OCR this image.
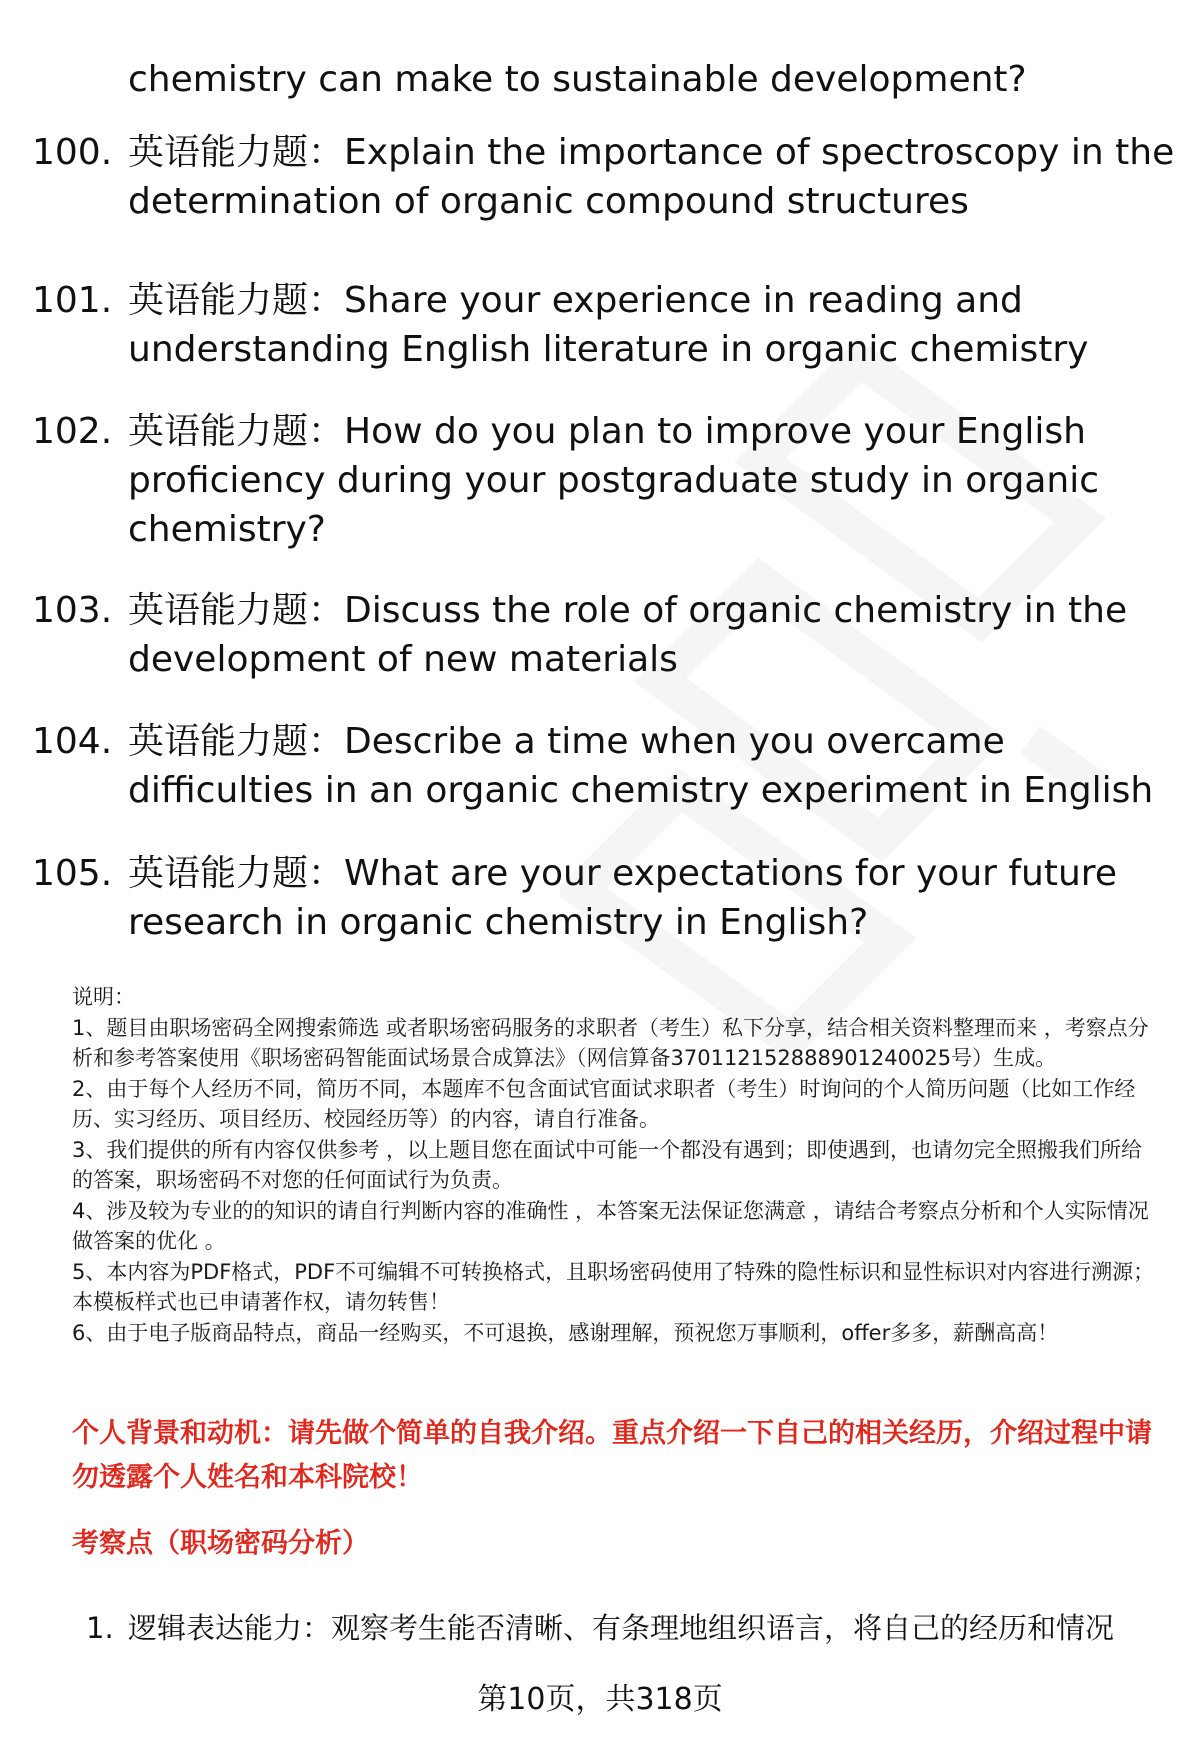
chemistry can make to sustainable development?
100. 英语能力题：Explain the importance of spectroscopy in the determination of organic compound structures
101. 英语能力题：Share your experience in reading and understanding English literature in organic chemistry
102. 英语能力题：How do you plan to improve your English proficiency during your postgraduate study in organic chemistry?
103. 英语能力题：Discuss the role of organic chemistry in the development of new materials
104. 英语能力题：Describe a time when you overcame difficulties in an organic chemistry experiment in English
105. 英语能力题：What are your expectations for your future research in organic chemistry in English?

说明：

1、题目由职场密码全网搜索筛选 或者职场密码服务的求职者（考生）私下分享，结合相关资料整理而来 ，考察点分析和参考答案使用《职场密码智能面试场景合成算法》（网信算备370112152888901240025号）生成。

2、由于每个人经历不同，简历不同，本题库不包含面试官面试求职者（考生）时询问的个人简历问题（比如工作经历、实习经历、项目经历、校园经历等）的内容，请自行准备。

3、我们提供的所有内容仅供参考 ，以上题目您在面试中可能一个都没有遇到；即使遇到，也请勿完全照搬我们所给的答案，职场密码不对您的任何面试行为负责。

4、涉及较为专业的的知识的请自行判断内容的准确性 ，本答案无法保证您满意 ，请结合考察点分析和个人实际情况做答案的优化 。

5、本内容为PDF格式，PDF不可编辑不可转换格式，且职场密码使用了特殊的隐性标识和显性标识对内容进行溯源；本模板样式也已申请著作权，请勿转售！

6、由于电子版商品特点，商品一经购买，不可退换，感谢理解，预祝您万事顺利，offer多多，薪酬高高！

个人背景和动机：请先做个简单的自我介绍。重点介绍一下自己的相关经历，介绍过程中请勿透露个人姓名和本科院校！
考察点（职场密码分析）
1. 逻辑表达能力：观察考生能否清晰、有条理地组织语言，将自己的经历和情况
第10页，共318页
